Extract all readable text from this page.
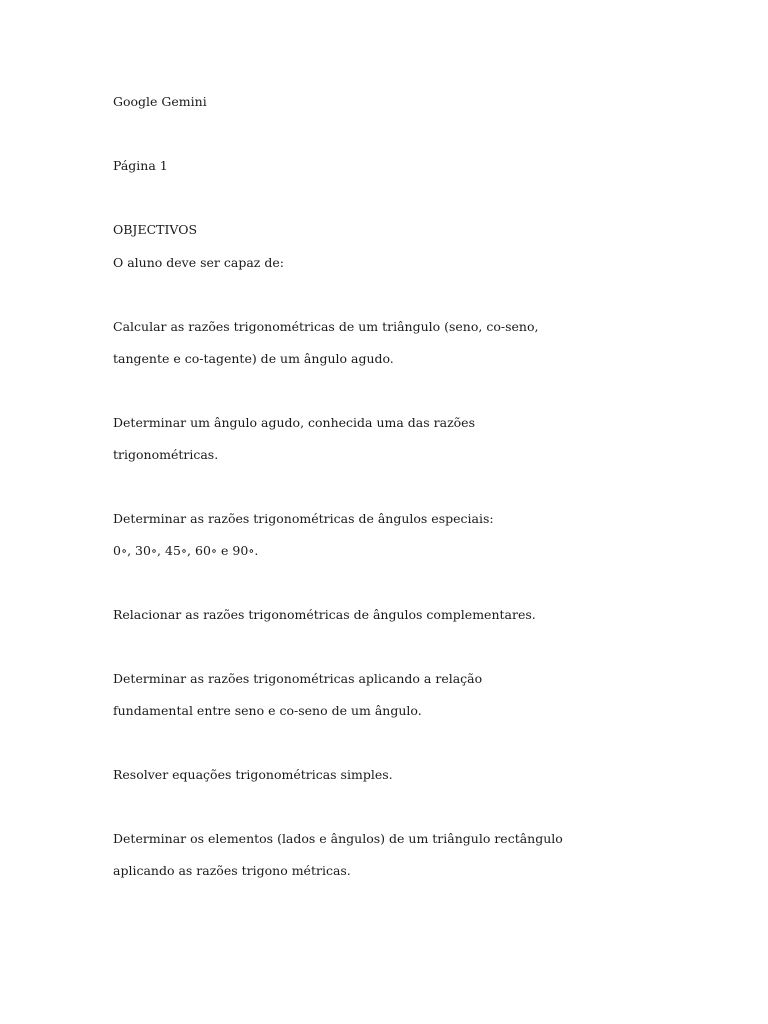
Google Gemini

Página 1

OBJECTIVOS

O aluno deve ser capaz de:

Calcular as razões trigonométricas de um triângulo (seno, co-seno,

tangente e co-tagente) de um ângulo agudo.

Determinar um ângulo agudo, conhecida uma das razões

trigonométricas.

Determinar as razões trigonométricas de ângulos especiais:

0∘, 30∘, 45∘, 60∘ e 90∘.

Relacionar as razões trigonométricas de ângulos complementares.

Determinar as razões trigonométricas aplicando a relação

fundamental entre seno e co-seno de um ângulo.

Resolver equações trigonométricas simples.

Determinar os elementos (lados e ângulos) de um triângulo rectângulo

aplicando as razões trigono métricas.
